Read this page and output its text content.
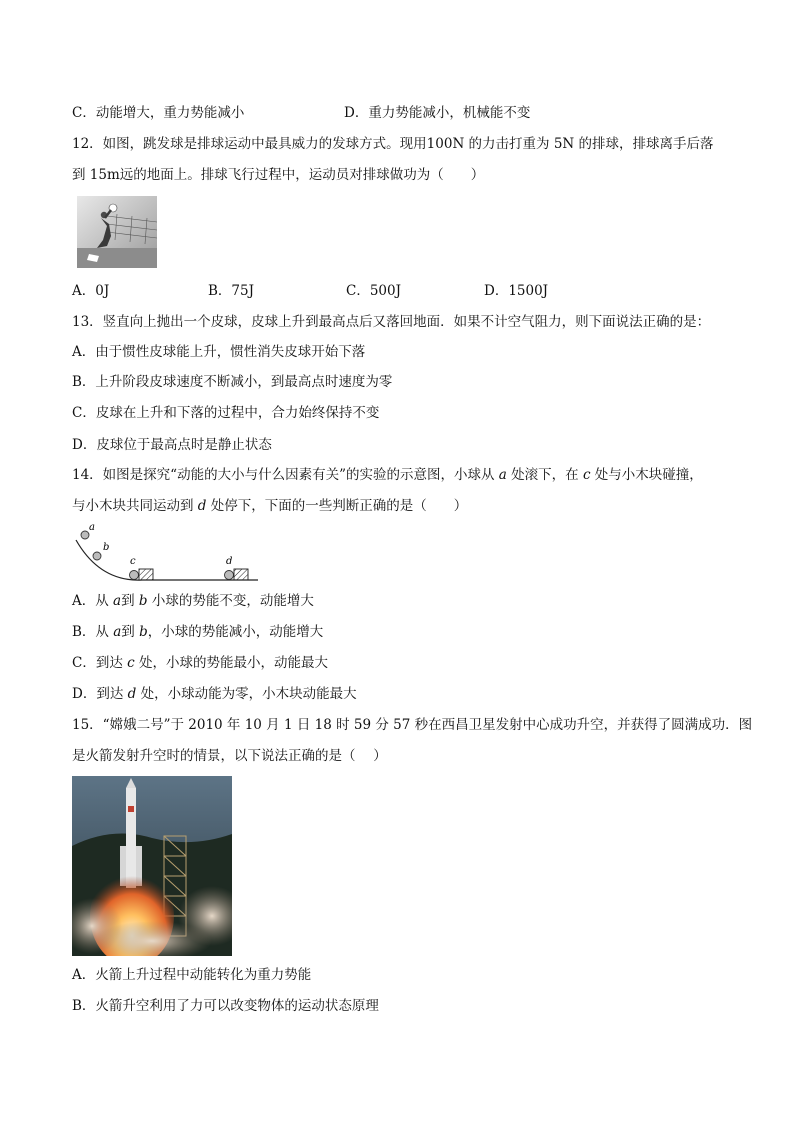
C．动能增大，重力势能减小	D．重力势能减小，机械能不变
12．如图，跳发球是排球运动中最具威力的发球方式。现用100N 的力击打重为 5N 的排球，排球离手后落
到 15m远的地面上。排球飞行过程中，运动员对排球做功为（　　）
A．0J	B．75J	C．500J	D．1500J
13．竖直向上抛出一个皮球，皮球上升到最高点后又落回地面．如果不计空气阻力，则下面说法正确的是：
A．由于惯性皮球能上升，惯性消失皮球开始下落
B．上升阶段皮球速度不断减小，到最高点时速度为零
C．皮球在上升和下落的过程中，合力始终保持不变
D．皮球位于最高点时是静止状态
14．如图是探究“动能的大小与什么因素有关”的实验的示意图，小球从 a 处滚下，在 c 处与小木块碰撞，
与小木块共同运动到 d 处停下，下面的一些判断正确的是（　　）
a
b
c	d
A．从 a到 b 小球的势能不变，动能增大
B．从 a到 b，小球的势能减小，动能增大
C．到达 c 处，小球的势能最小，动能最大
D．到达 d 处，小球动能为零，小木块动能最大
15．“嫦娥二号”于 2010 年 10 月 1 日 18 时 59 分 57 秒在西昌卫星发射中心成功升空，并获得了圆满成功．图
是火箭发射升空时的情景，以下说法正确的是（　 ）
A．火箭上升过程中动能转化为重力势能
B．火箭升空利用了力可以改变物体的运动状态原理
